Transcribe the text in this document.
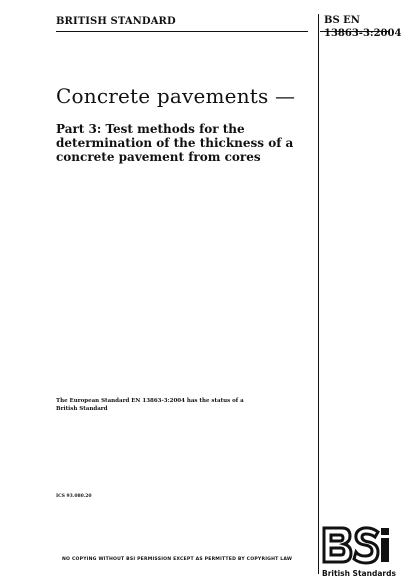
BRITISH STANDARD	BS EN
13863-3:2004
Concrete pavements —
Part 3: Test methods for the determination of the thickness of a concrete pavement from cores
The European Standard EN 13863-3:2004 has the status of a British Standard
ICS 93.080.20
NO COPYING WITHOUT BSI PERMISSION EXCEPT AS PERMITTED BY COPYRIGHT LAW
British Standards
